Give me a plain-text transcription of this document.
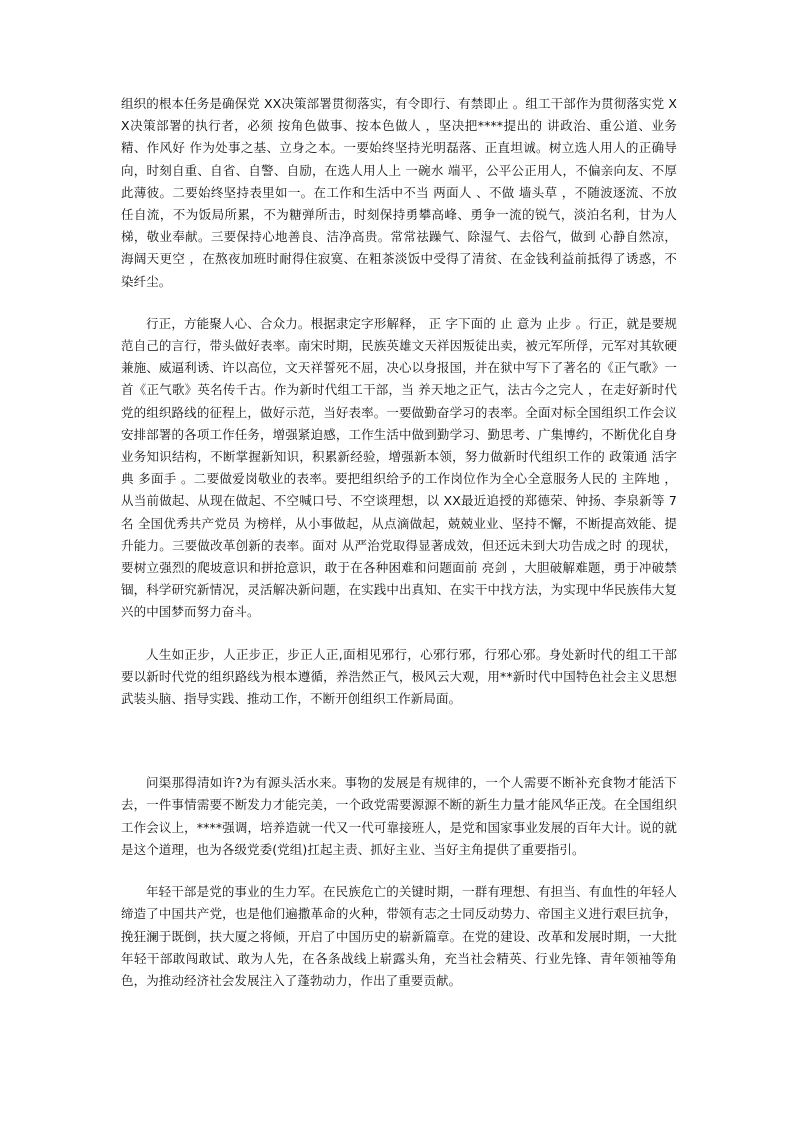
组织的根本任务是确保党 XX决策部署贯彻落实，有令即行、有禁即止 。组工干部作为贯彻落实党 XX决策部署的执行者，必须 按角色做事、按本色做人 ，坚决把****提出的 讲政治、重公道、业务精、作风好 作为处事之基、立身之本。一要始终坚持光明磊落、正直坦诚。树立选人用人的正确导向，时刻自重、自省、自警、自励，在选人用人上 一碗水 端平，公平公正用人，不偏亲向友、不厚此薄彼。二要始终坚持表里如一。在工作和生活中不当 两面人 、不做 墙头草 ，不随波逐流、不放任自流，不为饭局所累，不为糖弹所击，时刻保持勇攀高峰、勇争一流的锐气，淡泊名利，甘为人梯，敬业奉献。三要保持心地善良、洁净高贵。常常祛躁气、除湿气、去俗气，做到 心静自然凉，海阔天更空 ，在熬夜加班时耐得住寂寞、在粗茶淡饭中受得了清贫、在金钱利益前抵得了诱惑，不染纤尘。

行正，方能聚人心、合众力。根据隶定字形解释， 正 字下面的 止 意为 止步 。行正，就是要规范自己的言行，带头做好表率。南宋时期，民族英雄文天祥因叛徒出卖，被元军所俘，元军对其软硬兼施、威逼利诱、许以高位，文天祥誓死不屈，决心以身报国，并在狱中写下了著名的《正气歌》一首《正气歌》英名传千古。作为新时代组工干部，当 养天地之正气，法古今之完人 ，在走好新时代党的组织路线的征程上，做好示范，当好表率。一要做勤奋学习的表率。全面对标全国组织工作会议安排部署的各项工作任务，增强紧迫感，工作生活中做到勤学习、勤思考、广集博约，不断优化自身业务知识结构，不断掌握新知识，积累新经验，增强新本领，努力做新时代组织工作的 政策通 活字典 多面手 。二要做爱岗敬业的表率。要把组织给予的工作岗位作为全心全意服务人民的 主阵地 ，从当前做起、从现在做起、不空喊口号、不空谈理想，以 XX最近追授的郑德荣、钟扬、李泉新等 7 名 全国优秀共产党员 为榜样，从小事做起，从点滴做起，兢兢业业、坚持不懈，不断提高效能、提升能力。三要做改革创新的表率。面对 从严治党取得显著成效，但还远未到大功告成之时 的现状，要树立强烈的爬坡意识和拼抢意识，敢于在各种困难和问题面前 亮剑 ，大胆破解难题，勇于冲破禁锢，科学研究新情况，灵活解决新问题，在实践中出真知、在实干中找方法，为实现中华民族伟大复兴的中国梦而努力奋斗。

人生如正步，人正步正，步正人正,面相见邪行，心邪行邪，行邪心邪。身处新时代的组工干部要以新时代党的组织路线为根本遵循，养浩然正气，极风云大观，用**新时代中国特色社会主义思想武装头脑、指导实践、推动工作，不断开创组织工作新局面。

问渠那得清如许?为有源头活水来。事物的发展是有规律的，一个人需要不断补充食物才能活下去，一件事情需要不断发力才能完美，一个政党需要源源不断的新生力量才能风华正茂。在全国组织工作会议上，****强调，培养造就一代又一代可靠接班人，是党和国家事业发展的百年大计。说的就是这个道理，也为各级党委(党组)扛起主责、抓好主业、当好主角提供了重要指引。

年轻干部是党的事业的生力军。在民族危亡的关键时期，一群有理想、有担当、有血性的年轻人缔造了中国共产党，也是他们遍撒革命的火种，带领有志之士同反动势力、帝国主义进行艰巨抗争，挽狂澜于既倒，扶大厦之将倾，开启了中国历史的崭新篇章。在党的建设、改革和发展时期，一大批年轻干部敢闯敢试、敢为人先，在各条战线上崭露头角，充当社会精英、行业先锋、青年领袖等角色，为推动经济社会发展注入了蓬勃动力，作出了重要贡献。
